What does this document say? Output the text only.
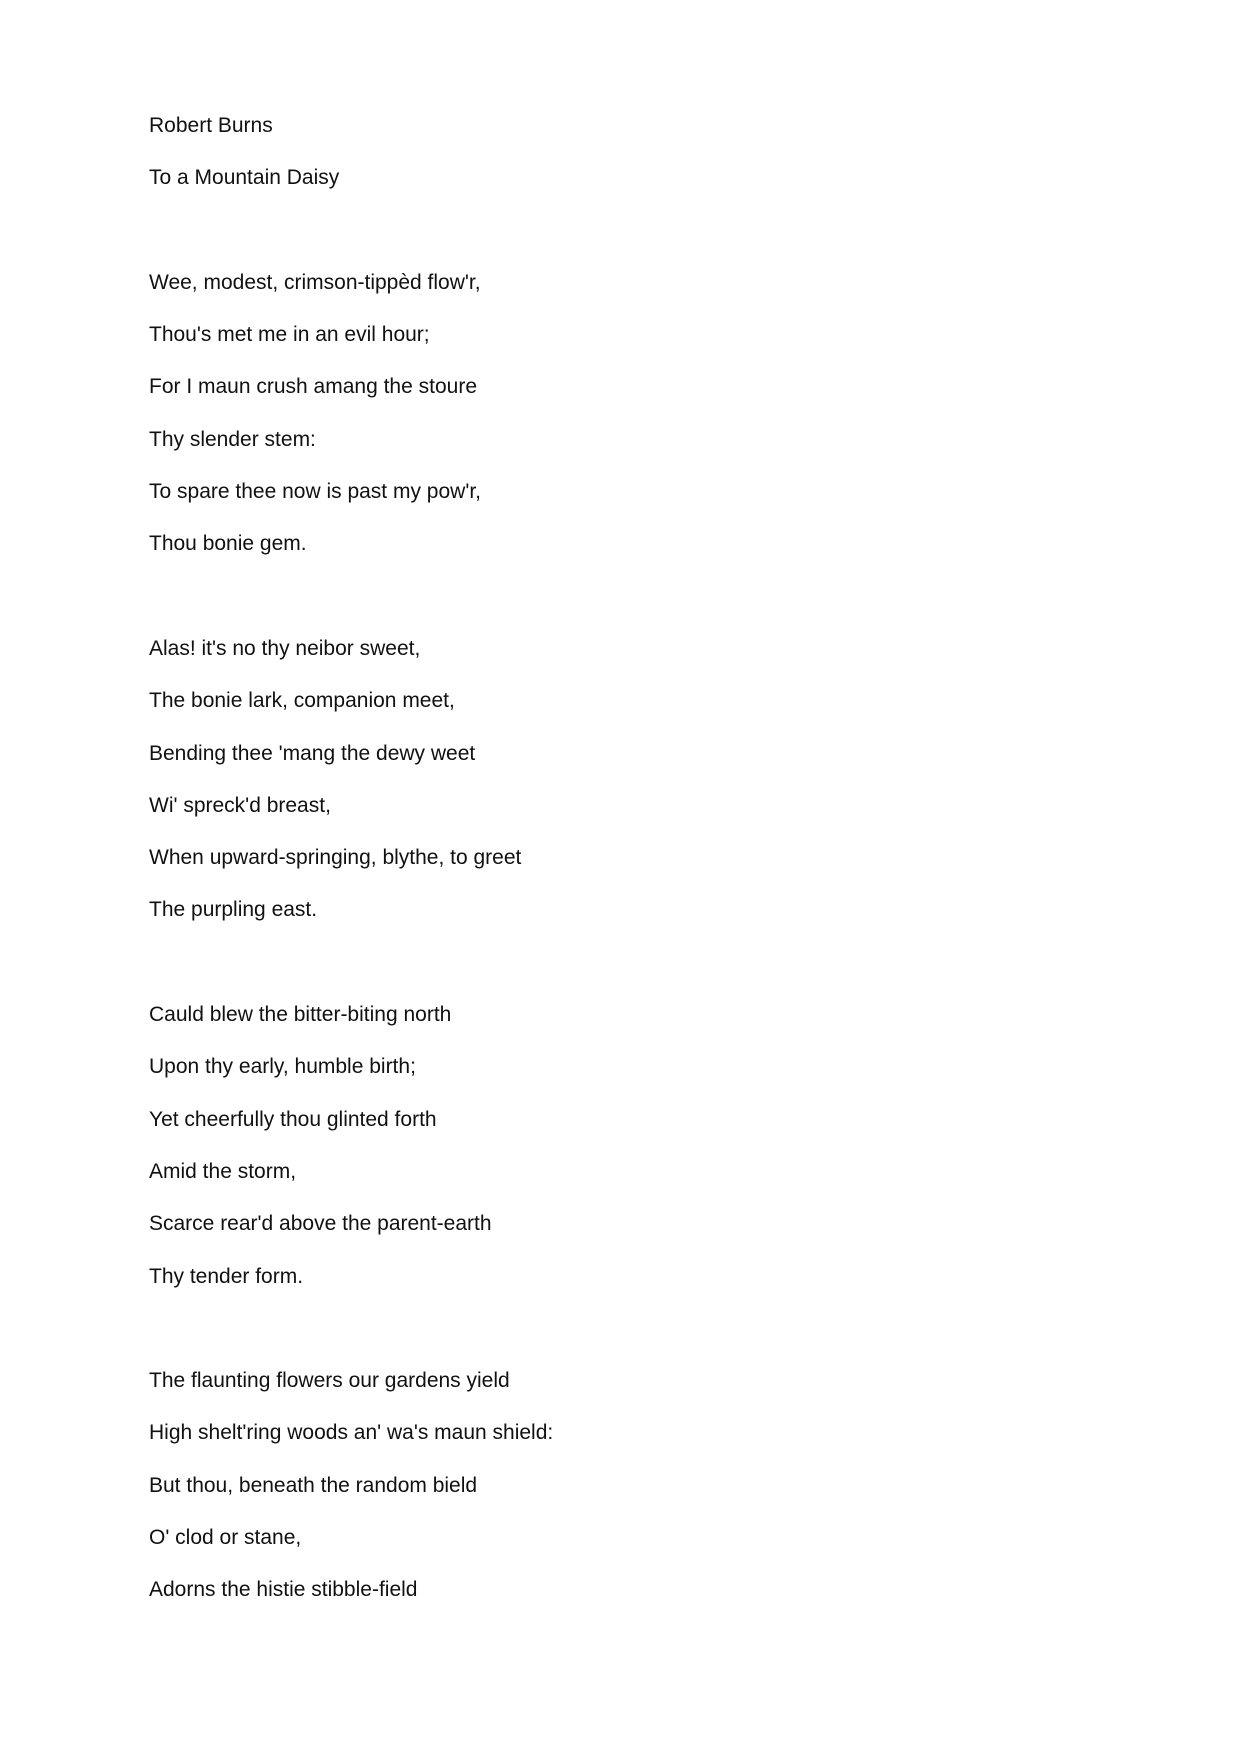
Robert Burns
To a Mountain Daisy
Wee, modest, crimson-tippèd flow'r,
Thou's met me in an evil hour;
For I maun crush amang the stoure
Thy slender stem:
To spare thee now is past my pow'r,
Thou bonie gem.
Alas! it's no thy neibor sweet,
The bonie lark, companion meet,
Bending thee 'mang the dewy weet
Wi' spreck'd breast,
When upward-springing, blythe, to greet
The purpling east.
Cauld blew the bitter-biting north
Upon thy early, humble birth;
Yet cheerfully thou glinted forth
Amid the storm,
Scarce rear'd above the parent-earth
Thy tender form.
The flaunting flowers our gardens yield
High shelt'ring woods an' wa's maun shield:
But thou, beneath the random bield
O' clod or stane,
Adorns the histie stibble-field
